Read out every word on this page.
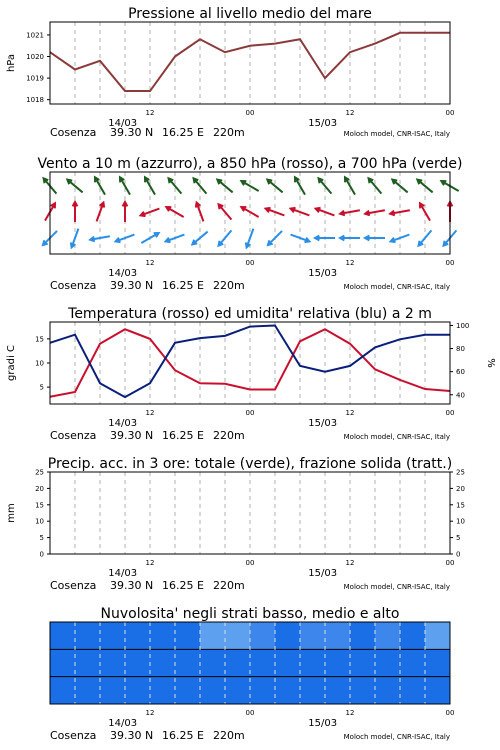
Pressione al livello medio del mare
12	00	12	00
14/03	15/03
Cosenza 39.30 N 16.25 E 220m	Moloch model, CNR-ISAC, Italy
1018
1019
1020
1021
hPa
Vento a 10 m (azzurro), a 850 hPa (rosso), a 700 hPa (verde)
12	00	12	00
14/03	15/03
Cosenza 39.30 N 16.25 E 220m	Moloch model, CNR-ISAC, Italy
Temperatura (rosso) ed umidita' relativa (blu) a 2 m
12	00	12	00
14/03	15/03
Cosenza 39.30 N 16.25 E 220m	Moloch model, CNR-ISAC, Italy
5
10
15
40
60
80
100
gradi C	%
Precip. acc. in 3 ore: totale (verde), frazione solida (tratt.)
12	00	12	00
14/03	15/03
Cosenza 39.30 N 16.25 E 220m	Moloch model, CNR-ISAC, Italy
0
5
10
15
20
25
0
5
10
15
20
25
mm
Nuvolosita' negli strati basso, medio e alto
12	00	12	00
14/03	15/03
Cosenza 39.30 N 16.25 E 220m	Moloch model, CNR-ISAC, Italy
